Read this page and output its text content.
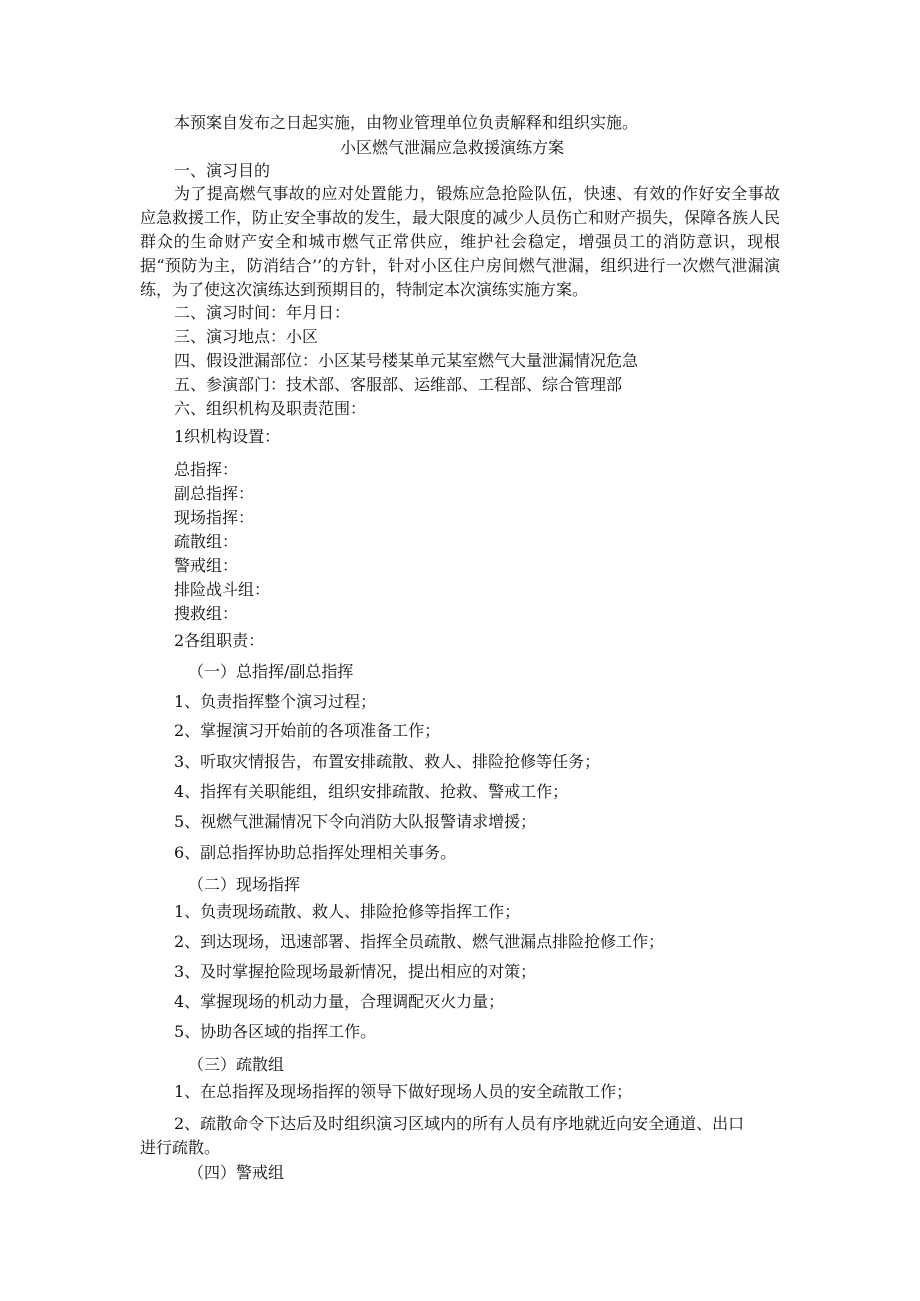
本预案自发布之日起实施，由物业管理单位负责解释和组织实施。
小区燃气泄漏应急救援演练方案
一、演习目的
为了提高燃气事故的应对处置能力，锻炼应急抢险队伍，快速、有效的作好安全事故应急救援工作，防止安全事故的发生，最大限度的减少人员伤亡和财产损失，保障各族人民群众的生命财产安全和城市燃气正常供应，维护社会稳定，增强员工的消防意识，现根据“预防为主，防消结合’’的方针，针对小区住户房间燃气泄漏，组织进行一次燃气泄漏演练，为了使这次演练达到预期目的，特制定本次演练实施方案。
二、演习时间：年月日：
三、演习地点：小区
四、假设泄漏部位：小区某号楼某单元某室燃气大量泄漏情况危急
五、参演部门：技术部、客服部、运维部、工程部、综合管理部
六、组织机构及职责范围：
1织机构设置：
总指挥：
副总指挥：
现场指挥：
疏散组：
警戒组：
排险战斗组：
搜救组：
2各组职责：
（一）总指挥/副总指挥
1、负责指挥整个演习过程；
2、掌握演习开始前的各项准备工作；
3、听取灾情报告，布置安排疏散、救人、排险抢修等任务；
4、指挥有关职能组，组织安排疏散、抢救、警戒工作；
5、视燃气泄漏情况下令向消防大队报警请求增援；
6、副总指挥协助总指挥处理相关事务。
（二）现场指挥
1、负责现场疏散、救人、排险抢修等指挥工作；
2、到达现场，迅速部署、指挥全员疏散、燃气泄漏点排险抢修工作；
3、及时掌握抢险现场最新情况，提出相应的对策；
4、掌握现场的机动力量，合理调配灭火力量；
5、协助各区域的指挥工作。
（三）疏散组
1、在总指挥及现场指挥的领导下做好现场人员的安全疏散工作；
2、疏散命令下达后及时组织演习区域内的所有人员有序地就近向安全通道、出口
进行疏散。
（四）警戒组
